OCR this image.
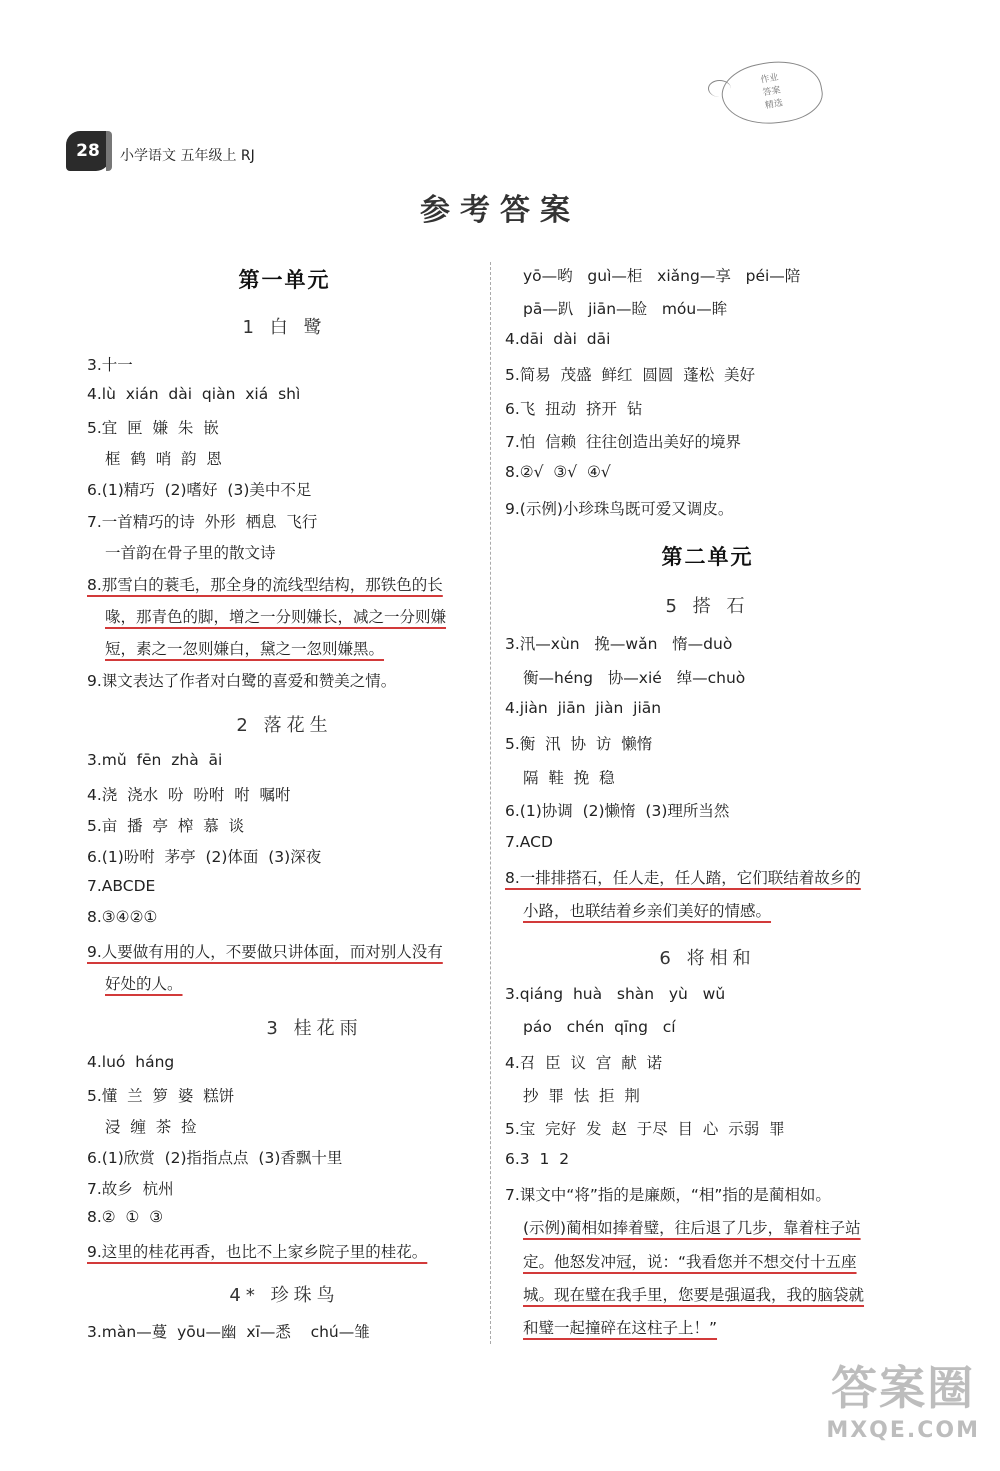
作业
答案
精选
28	小学语文 五年级上 RJ
参考答案
第一单元
1 白 鹭
3.十一
4.lù  xián  dài  qiàn  xiá  shì
5.宜  匣  嫌  朱  嵌
框  鹤  哨  韵  恩
6.(1)精巧  (2)嗜好  (3)美中不足
7.一首精巧的诗  外形  栖息  飞行
一首韵在骨子里的散文诗
8.那雪白的蓑毛，那全身的流线型结构，那铁色的长
喙，那青色的脚，增之一分则嫌长，减之一分则嫌
短，素之一忽则嫌白，黛之一忽则嫌黑。
9.课文表达了作者对白鹭的喜爱和赞美之情。
2 落花生
3.mǔ  fēn  zhà  āi
4.浇  浇水  吩  吩咐  咐  嘱咐
5.亩  播  亭  榨  慕  谈
6.(1)吩咐  茅亭  (2)体面  (3)深夜
7.ABCDE
8.③④②①
9.人要做有用的人，不要做只讲体面，而对别人没有
好处的人。
3 桂花雨
4.luó  háng
5.懂  兰  箩  婆  糕饼
浸  缠  茶  捡
6.(1)欣赏  (2)指指点点  (3)香飘十里
7.故乡  杭州
8.②  ①  ③
9.这里的桂花再香，也比不上家乡院子里的桂花。
4* 珍珠鸟
3.màn—蔓  yōu—幽  xī—悉    chú—雏
yō—哟   guì—柜   xiǎng—享   péi—陪
pā—趴   jiān—睑   móu—眸
4.dāi  dài  dāi
5.简易  茂盛  鲜红  圆圆  蓬松  美好
6.飞  扭动  挤开  钻
7.怕  信赖  往往创造出美好的境界
8.②√  ③√  ④√
9.(示例)小珍珠鸟既可爱又调皮。
第二单元
5 搭 石
3.汛—xùn   挽—wǎn   惰—duò
衡—héng   协—xié   绰—chuò
4.jiàn  jiān  jiàn  jiān
5.衡  汛  协  访  懒惰
隔  鞋  挽  稳
6.(1)协调  (2)懒惰  (3)理所当然
7.ACD
8.一排排搭石，任人走，任人踏，它们联结着故乡的
小路，也联结着乡亲们美好的情感。
6 将相和
3.qiáng  huà   shàn   yù   wǔ
páo   chén  qīng   cí
4.召  臣  议  宫  献  诺
抄  罪  怯  拒  荆
5.宝  完好  发  赵  于尽  目  心  示弱  罪
6.3  1  2
7.课文中“将”指的是廉颇，“相”指的是蔺相如。
(示例)蔺相如捧着璧，往后退了几步，靠着柱子站
定。他怒发冲冠，说：“我看您并不想交付十五座
城。现在璧在我手里，您要是强逼我，我的脑袋就
和璧一起撞碎在这柱子上！”
答案圈
MXQE.COM
